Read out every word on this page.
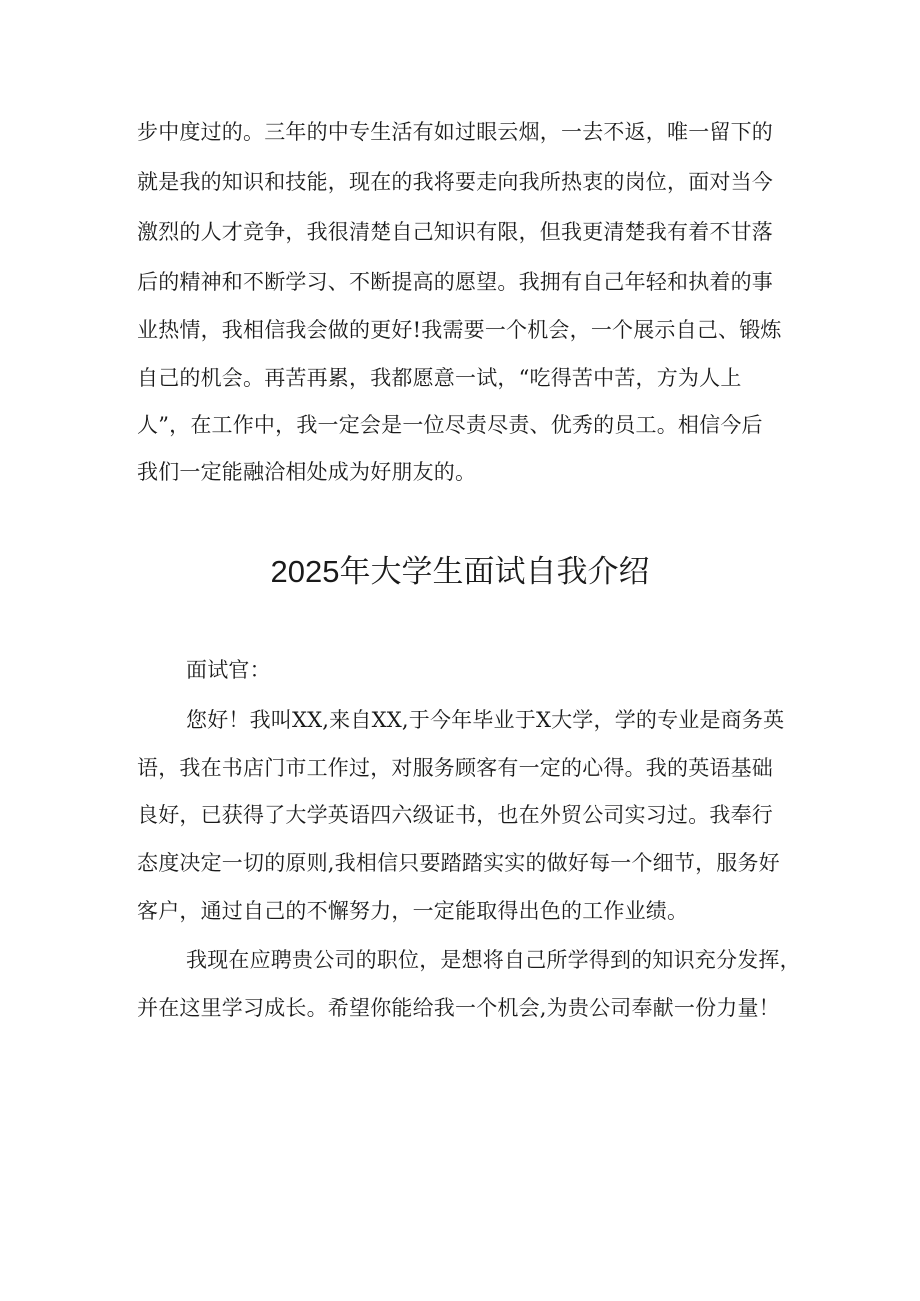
步中度过的。三年的中专生活有如过眼云烟，一去不返，唯一留下的
就是我的知识和技能，现在的我将要走向我所热衷的岗位，面对当今
激烈的人才竞争，我很清楚自己知识有限，但我更清楚我有着不甘落
后的精神和不断学习、不断提高的愿望。我拥有自己年轻和执着的事
业热情，我相信我会做的更好!我需要一个机会，一个展示自己、锻炼
自己的机会。再苦再累，我都愿意一试，“吃得苦中苦，方为人上
人”，在工作中，我一定会是一位尽责尽责、优秀的员工。相信今后
我们一定能融洽相处成为好朋友的。
2025年大学生面试自我介绍
面试官：
您好！我叫XX,来自XX,于今年毕业于X大学，学的专业是商务英
语，我在书店门市工作过，对服务顾客有一定的心得。我的英语基础
良好，已获得了大学英语四六级证书，也在外贸公司实习过。我奉行
态度决定一切的原则,我相信只要踏踏实实的做好每一个细节，服务好
客户，通过自己的不懈努力，一定能取得出色的工作业绩。
我现在应聘贵公司的职位，是想将自己所学得到的知识充分发挥，
并在这里学习成长。希望你能给我一个机会,为贵公司奉献一份力量！
